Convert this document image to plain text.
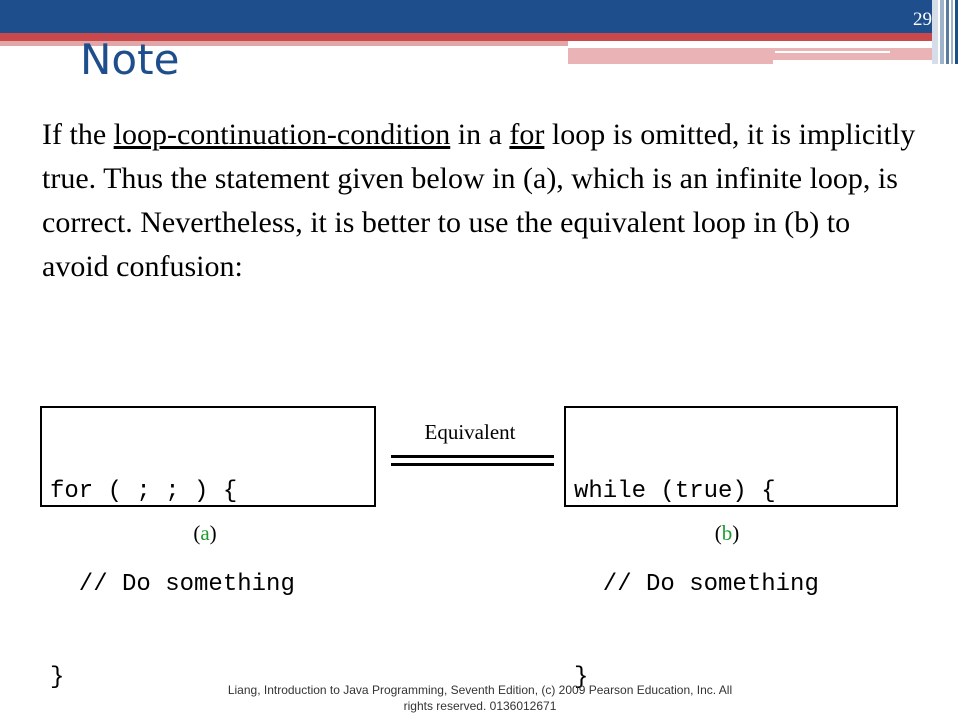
29
Note

If the loop-continuation-condition in a for loop is omitted, it is implicitly true. Thus the statement given below in (a), which is an infinite loop, is correct. Nevertheless, it is better to use the equivalent loop in (b) to avoid confusion:

for ( ; ; ) {

// Do something

}

Equivalent

while (true) {

// Do something

}

(a)	(b)
Liang, Introduction to Java Programming, Seventh Edition, (c) 2009 Pearson Education, Inc. All
rights reserved. 0136012671
